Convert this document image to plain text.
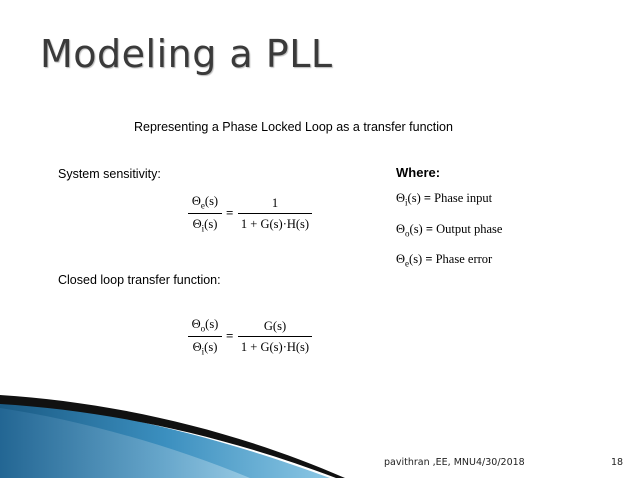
Modeling a PLL
Representing a Phase Locked Loop as a transfer function
System sensitivity:	Where:
Closed loop transfer function:
$\Theta_e(s)$
$\Theta_i(s)$
=
1
1 + G(s)·H(s)
$\Theta_o(s)$
$\Theta_i(s)$
=
G(s)
1 + G(s)·H(s)
$\Theta_i(s)$ = Phase input
$\Theta_o(s)$ = Output phase
$\Theta_e(s)$ = Phase error
pavithran ,EE, MNU 4/30/2018	18
